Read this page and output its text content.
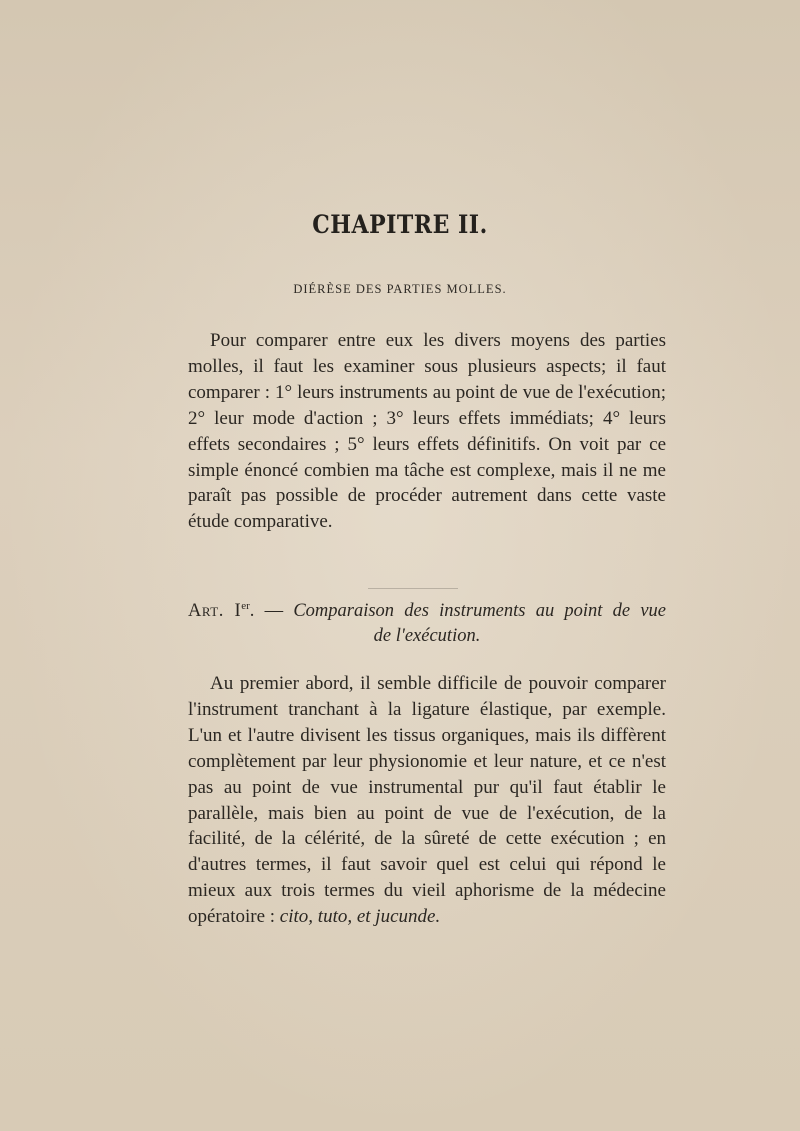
CHAPITRE II.
DIÉRÈSE DES PARTIES MOLLES.
Pour comparer entre eux les divers moyens des parties molles, il faut les examiner sous plusieurs aspects; il faut comparer : 1° leurs instruments au point de vue de l'exécution; 2° leur mode d'action ; 3° leurs effets immédiats; 4° leurs effets secondaires ; 5° leurs effets définitifs. On voit par ce simple énoncé combien ma tâche est complexe, mais il ne me paraît pas possible de procéder autrement dans cette vaste étude comparative.
Art. Ier. — Comparaison des instruments au point de vue
de l'exécution.
Au premier abord, il semble difficile de pouvoir comparer l'instrument tranchant à la ligature élastique, par exemple. L'un et l'autre divisent les tissus organiques, mais ils diffèrent complètement par leur physionomie et leur nature, et ce n'est pas au point de vue instrumental pur qu'il faut établir le parallèle, mais bien au point de vue de l'exécution, de la facilité, de la célérité, de la sûreté de cette exécution ; en d'autres termes, il faut savoir quel est celui qui répond le mieux aux trois termes du vieil aphorisme de la médecine opératoire : cito, tuto, et jucunde.
